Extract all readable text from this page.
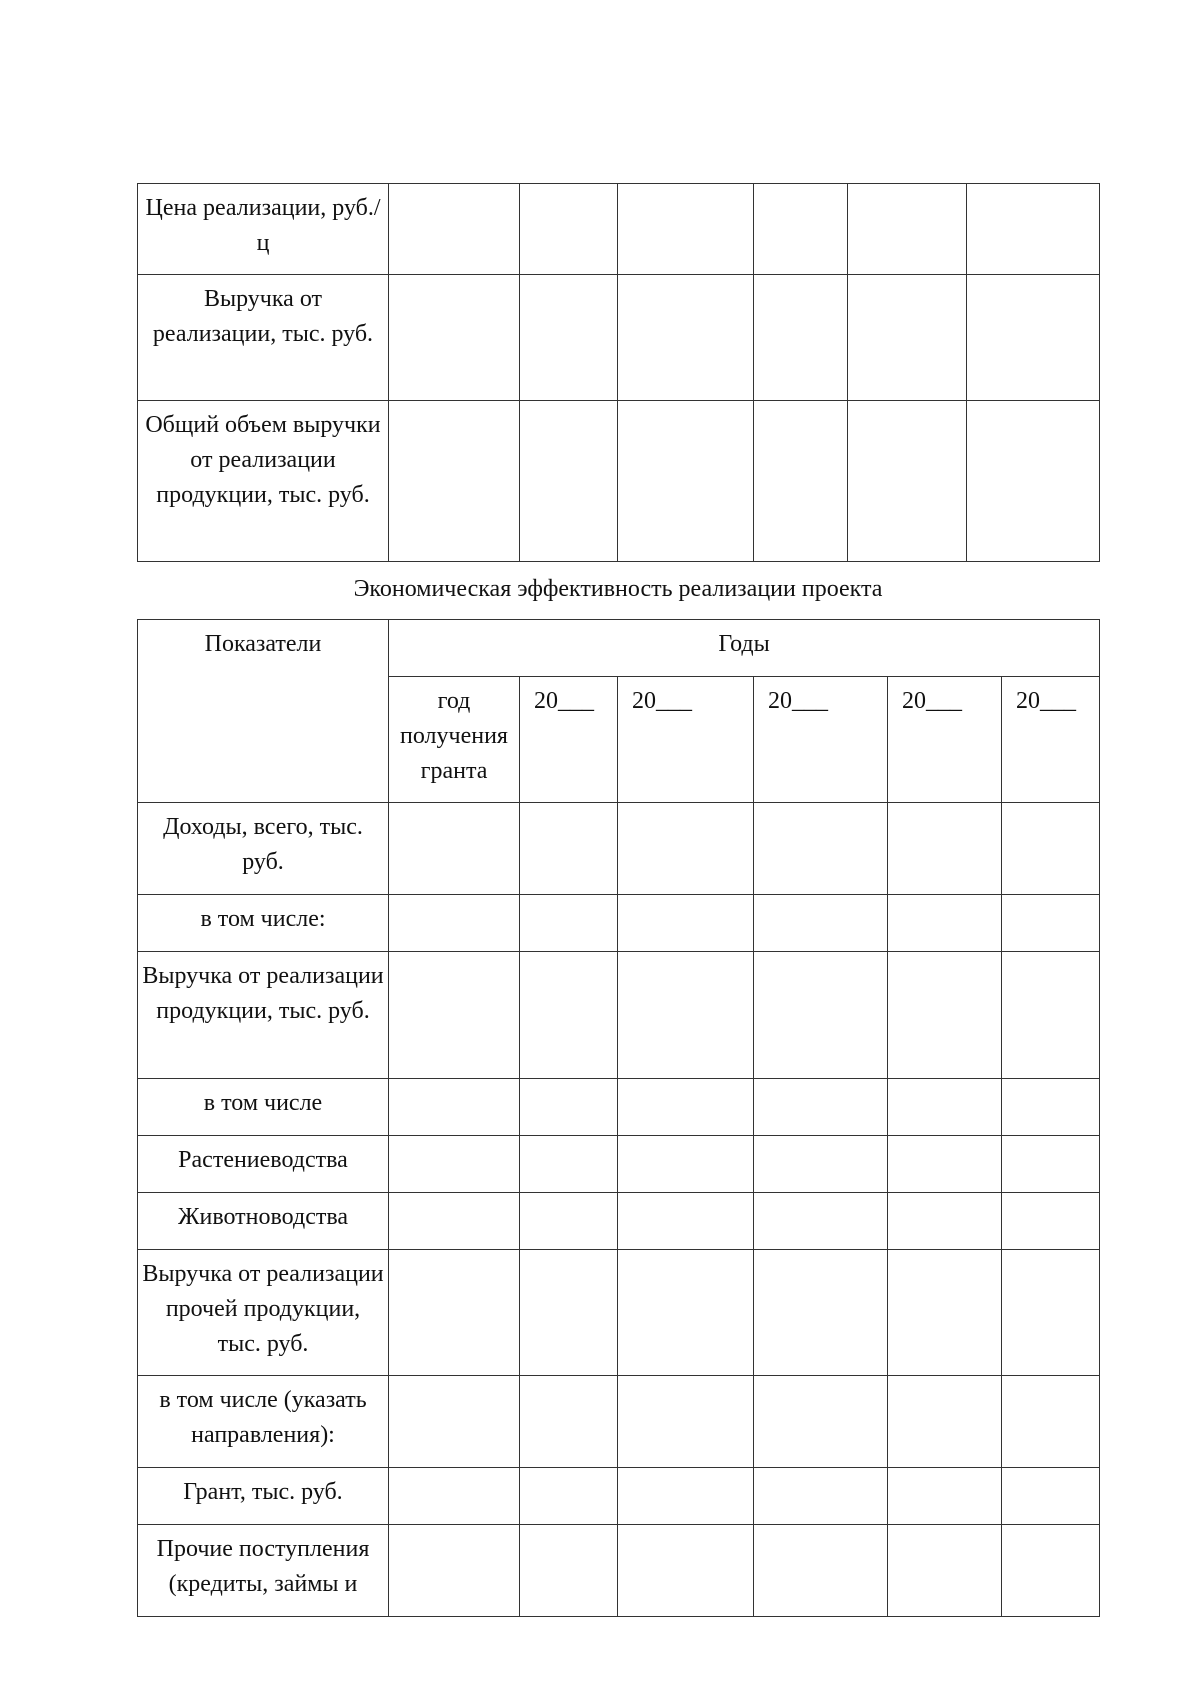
Цена реализации, руб./ц						
Выручка от реализации, тыс. руб.						
Общий объем выручки от реализации продукции, тыс. руб.						
Экономическая эффективность реализации проекта
Показатели	Годы					
	год получения гранта	20___	20___	20___	20___	20___
Доходы, всего, тыс. руб.						
в том числе:						
Выручка от реализации продукции, тыс. руб.						
в том числе						
Растениеводства						
Животноводства						
Выручка от реализации прочей продукции, тыс. руб.						
в том числе (указать направления):						
Грант, тыс. руб.						
Прочие поступления (кредиты, займы и						
